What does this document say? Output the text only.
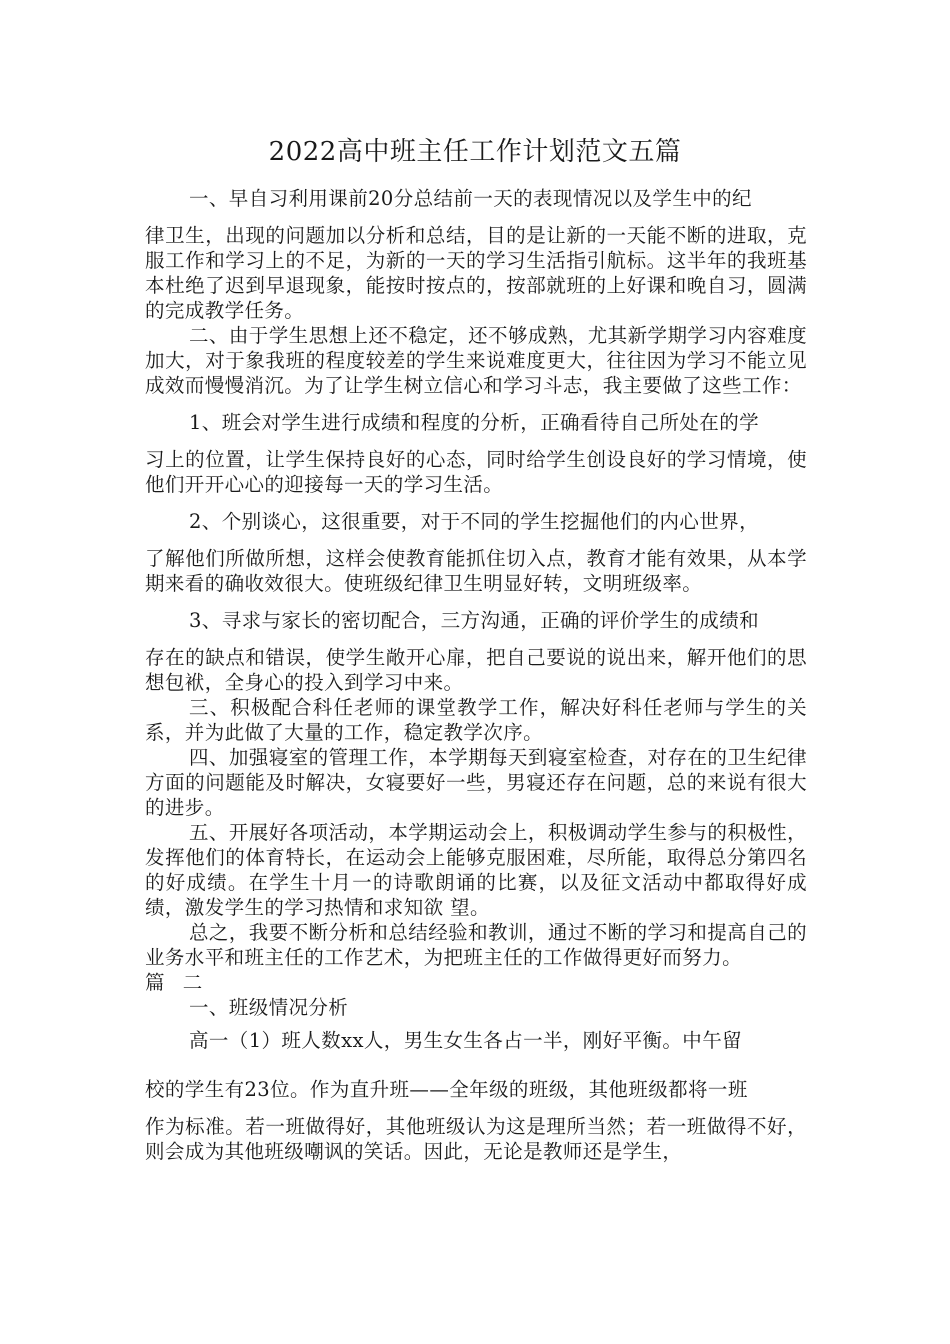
2022高中班主任工作计划范文五篇
一、早自习利用课前20分总结前一天的表现情况以及学生中的纪
律卫生，出现的问题加以分析和总结，目的是让新的一天能不断的进取，克服工作和学习上的不足，为新的一天的学习生活指引航标。这半年的我班基本杜绝了迟到早退现象，能按时按点的，按部就班的上好课和晚自习，圆满的完成教学任务。

二、由于学生思想上还不稳定，还不够成熟，尤其新学期学习内容难度加大，对于象我班的程度较差的学生来说难度更大，往往因为学习不能立见成效而慢慢消沉。为了让学生树立信心和学习斗志，我主要做了这些工作：

1、班会对学生进行成绩和程度的分析，正确看待自己所处在的学
习上的位置，让学生保持良好的心态，同时给学生创设良好的学习情境，使他们开开心心的迎接每一天的学习生活。
2、个别谈心，这很重要，对于不同的学生挖掘他们的内心世界，
了解他们所做所想，这样会使教育能抓住切入点，教育才能有效果，从本学期来看的确收效很大。使班级纪律卫生明显好转，文明班级率。
3、寻求与家长的密切配合，三方沟通，正确的评价学生的成绩和
存在的缺点和错误，使学生敞开心扉，把自己要说的说出来，解开他们的思想包袱，全身心的投入到学习中来。

三、积极配合科任老师的课堂教学工作，解决好科任老师与学生的关系，并为此做了大量的工作，稳定教学次序。

四、加强寝室的管理工作，本学期每天到寝室检查，对存在的卫生纪律方面的问题能及时解决，女寝要好一些，男寝还存在问题，总的来说有很大的进步。

五、开展好各项活动，本学期运动会上，积极调动学生参与的积极性，发挥他们的体育特长，在运动会上能够克服困难，尽所能，取得总分第四名的好成绩。在学生十月一的诗歌朗诵的比赛，以及征文活动中都取得好成绩，激发学生的学习热情和求知欲 望。

总之，我要不断分析和总结经验和教训，通过不断的学习和提高自己的业务水平和班主任的工作艺术，为把班主任的工作做得更好而努力。

篇 二

一、班级情况分析

高一（1）班人数xx人，男生女生各占一半，刚好平衡。中午留
校的学生有23位。作为直升班——全年级的班级，其他班级都将一班
作为标准。若一班做得好，其他班级认为这是理所当然；若一班做得不好，则会成为其他班级嘲讽的笑话。因此，无论是教师还是学生，
